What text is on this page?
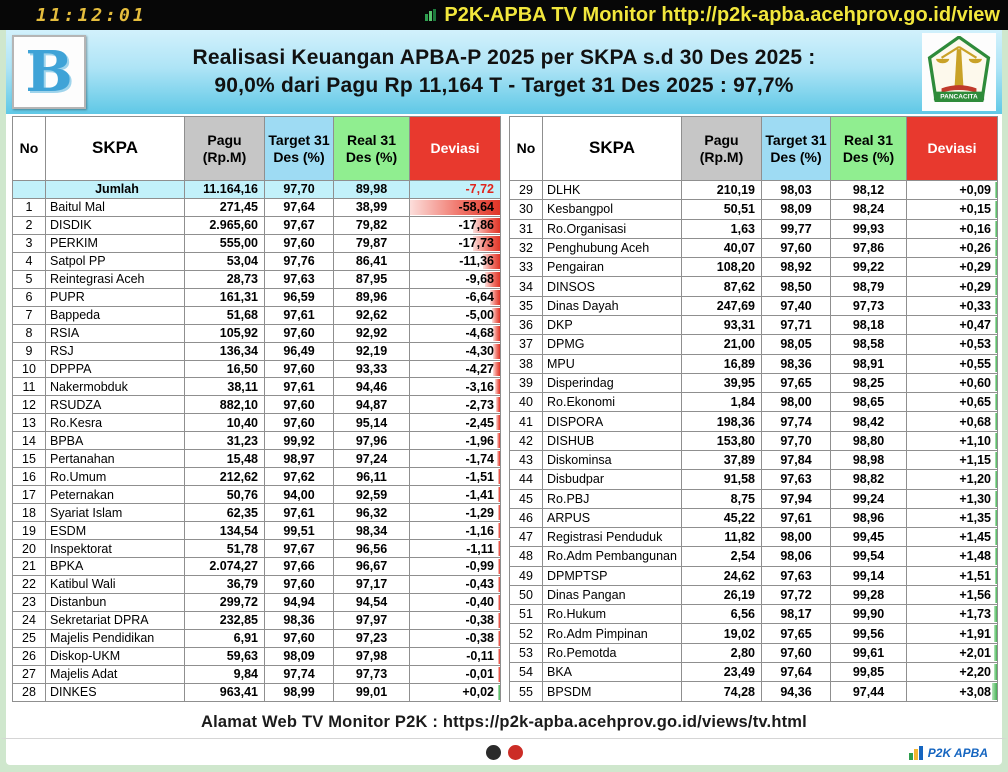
11:12:01	P2K-APBA TV Monitor http://p2k-apba.acehprov.go.id/view
B	Realisasi Keuangan APBA-P 2025 per SKPA s.d 30 Des 2025 :
90,0% dari Pagu Rp 11,164 T - Target 31 Des 2025 : 97,7%
PANCACITA
No	SKPA	Pagu (Rp.M)	Target 31 Des (%)	Real 31 Des (%)	Deviasi
	Jumlah	11.164,16	97,70	89,98	-7,72
1	Baitul Mal	271,45	97,64	38,99	-58,64
2	DISDIK	2.965,60	97,67	79,82	-17,86
3	PERKIM	555,00	97,60	79,87	-17,73
4	Satpol PP	53,04	97,76	86,41	-11,36
5	Reintegrasi Aceh	28,73	97,63	87,95	-9,68
6	PUPR	161,31	96,59	89,96	-6,64
7	Bappeda	51,68	97,61	92,62	-5,00
8	RSIA	105,92	97,60	92,92	-4,68
9	RSJ	136,34	96,49	92,19	-4,30
10	DPPPA	16,50	97,60	93,33	-4,27
11	Nakermobduk	38,11	97,61	94,46	-3,16
12	RSUDZA	882,10	97,60	94,87	-2,73
13	Ro.Kesra	10,40	97,60	95,14	-2,45
14	BPBA	31,23	99,92	97,96	-1,96
15	Pertanahan	15,48	98,97	97,24	-1,74
16	Ro.Umum	212,62	97,62	96,11	-1,51
17	Peternakan	50,76	94,00	92,59	-1,41
18	Syariat Islam	62,35	97,61	96,32	-1,29
19	ESDM	134,54	99,51	98,34	-1,16
20	Inspektorat	51,78	97,67	96,56	-1,11
21	BPKA	2.074,27	97,66	96,67	-0,99
22	Katibul Wali	36,79	97,60	97,17	-0,43
23	Distanbun	299,72	94,94	94,54	-0,40
24	Sekretariat DPRA	232,85	98,36	97,97	-0,38
25	Majelis Pendidikan	6,91	97,60	97,23	-0,38
26	Diskop-UKM	59,63	98,09	97,98	-0,11
27	Majelis Adat	9,84	97,74	97,73	-0,01
28	DINKES	963,41	98,99	99,01	+0,02
No	SKPA	Pagu (Rp.M)	Target 31 Des (%)	Real 31 Des (%)	Deviasi
29	DLHK	210,19	98,03	98,12	+0,09
30	Kesbangpol	50,51	98,09	98,24	+0,15
31	Ro.Organisasi	1,63	99,77	99,93	+0,16
32	Penghubung Aceh	40,07	97,60	97,86	+0,26
33	Pengairan	108,20	98,92	99,22	+0,29
34	DINSOS	87,62	98,50	98,79	+0,29
35	Dinas Dayah	247,69	97,40	97,73	+0,33
36	DKP	93,31	97,71	98,18	+0,47
37	DPMG	21,00	98,05	98,58	+0,53
38	MPU	16,89	98,36	98,91	+0,55
39	Disperindag	39,95	97,65	98,25	+0,60
40	Ro.Ekonomi	1,84	98,00	98,65	+0,65
41	DISPORA	198,36	97,74	98,42	+0,68
42	DISHUB	153,80	97,70	98,80	+1,10
43	Diskominsa	37,89	97,84	98,98	+1,15
44	Disbudpar	91,58	97,63	98,82	+1,20
45	Ro.PBJ	8,75	97,94	99,24	+1,30
46	ARPUS	45,22	97,61	98,96	+1,35
47	Registrasi Penduduk	11,82	98,00	99,45	+1,45
48	Ro.Adm Pembangunan	2,54	98,06	99,54	+1,48
49	DPMPTSP	24,62	97,63	99,14	+1,51
50	Dinas Pangan	26,19	97,72	99,28	+1,56
51	Ro.Hukum	6,56	98,17	99,90	+1,73
52	Ro.Adm Pimpinan	19,02	97,65	99,56	+1,91
53	Ro.Pemotda	2,80	97,60	99,61	+2,01
54	BKA	23,49	97,64	99,85	+2,20
55	BPSDM	74,28	94,36	97,44	+3,08
Alamat Web TV Monitor P2K : https://p2k-apba.acehprov.go.id/views/tv.html
P2K APBA
